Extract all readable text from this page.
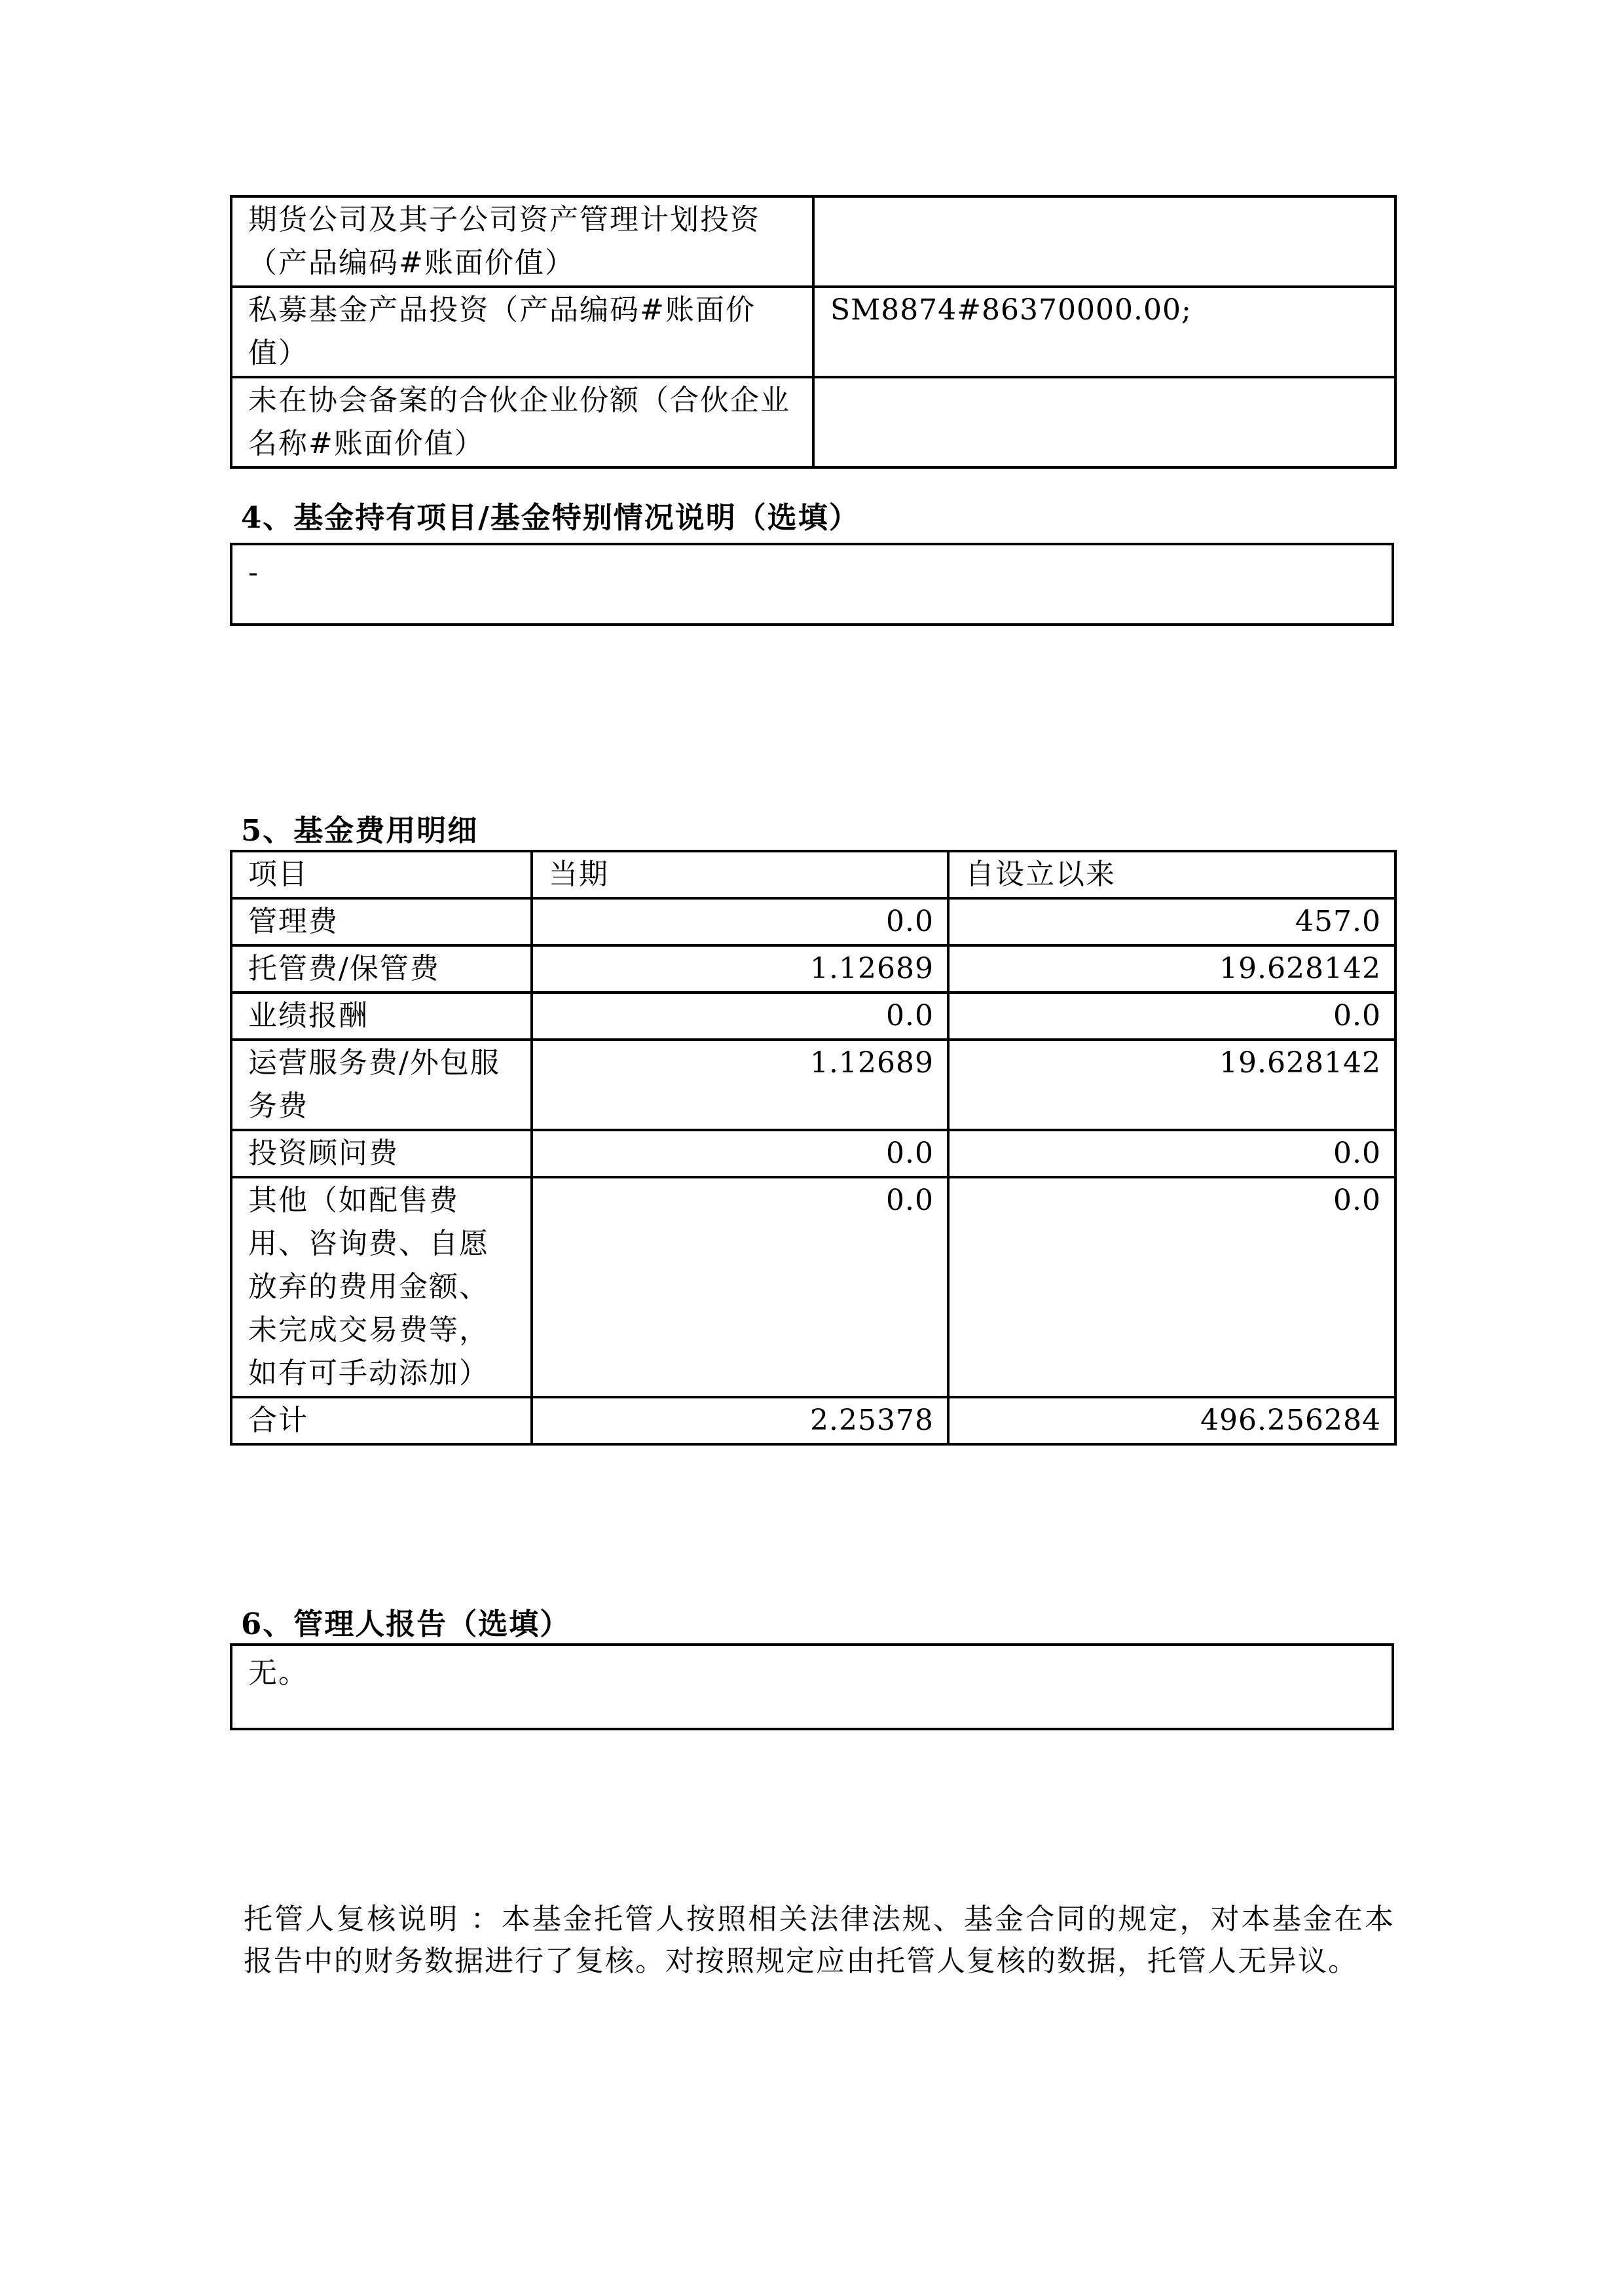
期货公司及其子公司资产管理计划投资（产品编码#账面价值）	
私募基金产品投资（产品编码#账面价值）	SM8874#86370000.00;
未在协会备案的合伙企业份额（合伙企业名称#账面价值）	
4、基金持有项目/基金特别情况说明（选填）
-
5、基金费用明细
项目	当期	自设立以来
管理费	0.0	457.0
托管费/保管费	1.12689	19.628142
业绩报酬	0.0	0.0
运营服务费/外包服务费	1.12689	19.628142
投资顾问费	0.0	0.0
其他（如配售费用、咨询费、自愿放弃的费用金额、未完成交易费等，如有可手动添加）	0.0	0.0
合计	2.25378	496.256284
6、管理人报告（选填）
无。
托管人复核说明 ：本基金托管人按照相关法律法规、基金合同的规定，对本基金在本报告中的财务数据进行了复核。对按照规定应由托管人复核的数据，托管人无异议。
